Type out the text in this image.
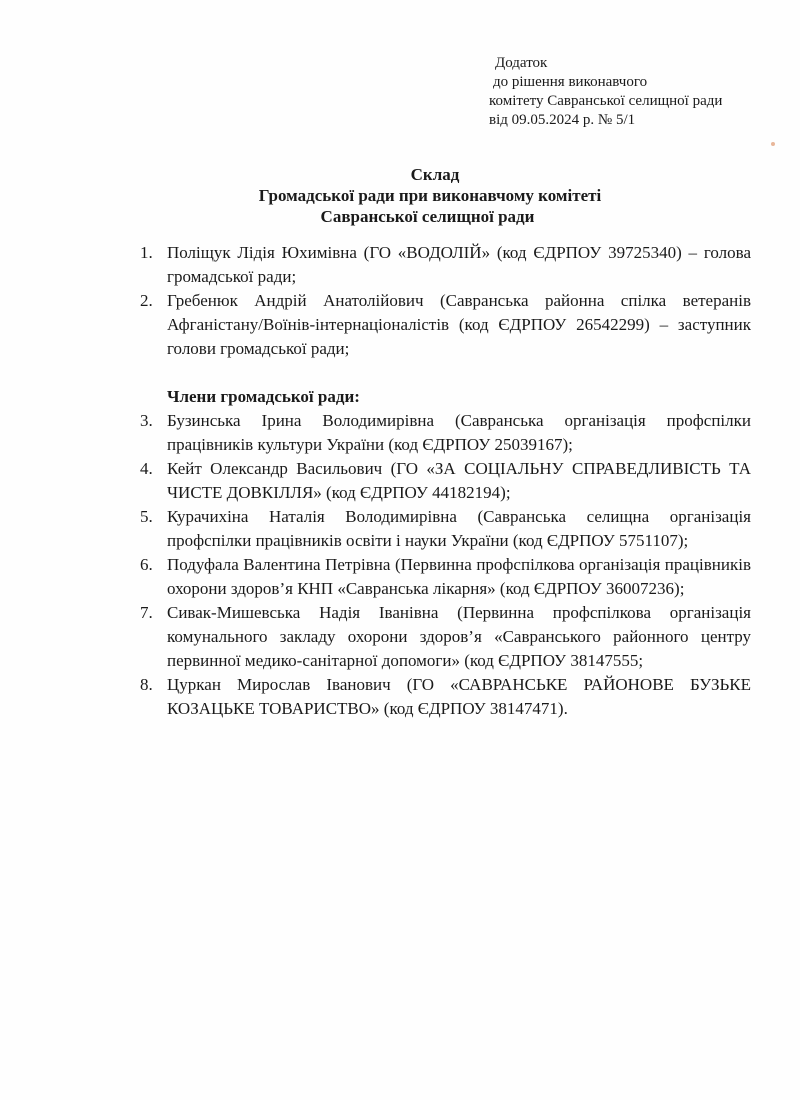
Додаток
до рішення виконавчого
комітету Савранської селищної ради
від 09.05.2024 р. № 5/1
Склад
Громадської ради при виконавчому комітеті
Савранської селищної ради
1. Поліщук Лідія Юхимівна (ГО «ВОДОЛІЙ» (код ЄДРПОУ 39725340) – голова громадської ради;
2. Гребенюк Андрій Анатолійович (Савранська районна спілка ветеранів Афганістану/Воїнів-інтернаціоналістів (код ЄДРПОУ 26542299) – заступник голови громадської ради;
Члени громадської ради:
3. Бузинська Ірина Володимирівна (Савранська організація профспілки працівників культури України (код ЄДРПОУ 25039167);
4. Кейт Олександр Васильович (ГО «ЗА СОЦІАЛЬНУ СПРАВЕДЛИВІСТЬ ТА ЧИСТЕ ДОВКІЛЛЯ» (код ЄДРПОУ 44182194);
5. Курачихіна Наталія Володимирівна (Савранська селищна організація профспілки працівників освіти і науки України (код ЄДРПОУ 5751107);
6. Подуфала Валентина Петрівна (Первинна профспілкова організація працівників охорони здоров’я КНП «Савранська лікарня» (код ЄДРПОУ 36007236);
7. Сивак-Мишевська Надія Іванівна (Первинна профспілкова організація комунального закладу охорони здоров’я «Савранського районного центру первинної медико-санітарної допомоги» (код ЄДРПОУ 38147555;
8. Цуркан Мирослав Іванович (ГО «САВРАНСЬКЕ РАЙОНОВЕ БУЗЬКЕ КОЗАЦЬКЕ ТОВАРИСТВО» (код ЄДРПОУ 38147471).
